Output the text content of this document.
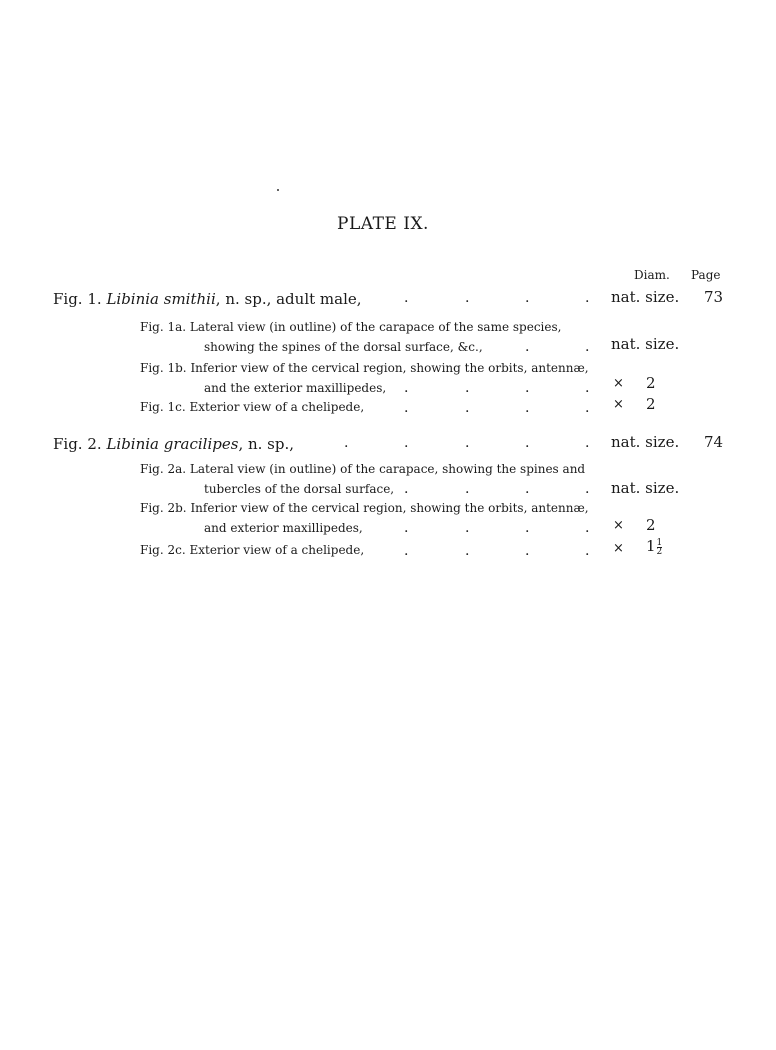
PLATE IX.
Diam. Page
Fig. 1. Libinia smithii, n. sp., adult male,	.	.	.	. nat. size. 73
Fig. 1a. Lateral view (in outline) of the carapace of the same species,
showing the spines of the dorsal surface, &c.,	.	. nat. size.
Fig. 1b. Inferior view of the cervical region, showing the orbits, antennæ,
and the exterior maxillipedes, .	.	.	. × 2
Fig. 1c. Exterior view of a chelipede,	.	.	.	. × 2
Fig. 2. Libinia gracilipes, n. sp.,	.	.	.	.	. nat. size. 74
Fig. 2a. Lateral view (in outline) of the carapace, showing the spines and
tubercles of the dorsal surface, .	.	.	. nat. size.
Fig. 2b. Inferior view of the cervical region, showing the orbits, antennæ,
and exterior maxillipedes,	.	.	.	. × 2
Fig. 2c. Exterior view of a chelipede,	.	.	.	. × $1 \frac{1}{2}$
